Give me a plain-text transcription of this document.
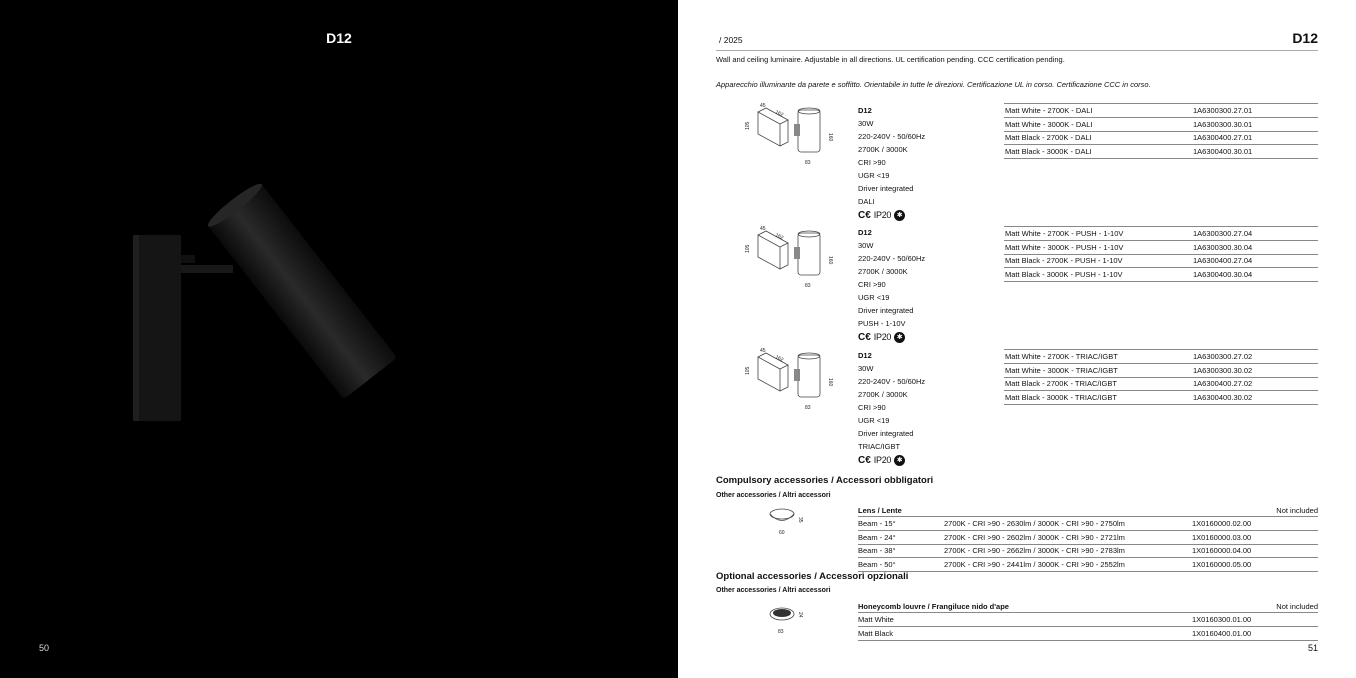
D12
50
/ 2025	D12
Wall and ceiling luminaire. Adjustable in all directions. UL certification pending. CCC certification pending.
Apparecchio illuminante da parete e soffitto. Orientabile in tutte le direzioni. Certificazione UL in corso. Certificazione CCC in corso.
45
162
105
160
83
D12
30W
220-240V - 50/60Hz
2700K / 3000K
CRI >90
UGR <19
Driver integrated
DALI
C€ IP20 ✱
Matt White - 2700K - DALI	1A6300300.27.01
Matt White - 3000K - DALI	1A6300300.30.01
Matt Black - 2700K - DALI	1A6300400.27.01
Matt Black - 3000K - DALI	1A6300400.30.01
45
162
105
160
83
D12
30W
220-240V - 50/60Hz
2700K / 3000K
CRI >90
UGR <19
Driver integrated
PUSH - 1-10V
C€ IP20 ✱
Matt White - 2700K - PUSH - 1-10V	1A6300300.27.04
Matt White - 3000K - PUSH - 1-10V	1A6300300.30.04
Matt Black - 2700K - PUSH - 1-10V	1A6300400.27.04
Matt Black - 3000K - PUSH - 1-10V	1A6300400.30.04
45
162
105
160
83
D12
30W
220-240V - 50/60Hz
2700K / 3000K
CRI >90
UGR <19
Driver integrated
TRIAC/IGBT
C€ IP20 ✱
Matt White - 2700K - TRIAC/IGBT	1A6300300.27.02
Matt White - 3000K - TRIAC/IGBT	1A6300300.30.02
Matt Black - 2700K - TRIAC/IGBT	1A6300400.27.02
Matt Black - 3000K - TRIAC/IGBT	1A6300400.30.02
Compulsory accessories / Accessori obbligatori
Other accessories / Altri accessori
35
60
Lens / Lente	Not included
Beam - 15°	2700K - CRI >90 - 2630lm / 3000K - CRI >90 - 2750lm	1X0160000.02.00
Beam - 24°	2700K - CRI >90 - 2602lm / 3000K - CRI >90 - 2721lm	1X0160000.03.00
Beam - 38°	2700K - CRI >90 - 2662lm / 3000K - CRI >90 - 2783lm	1X0160000.04.00
Beam - 50°	2700K - CRI >90 - 2441lm / 3000K - CRI >90 - 2552lm	1X0160000.05.00
Optional accessories / Accessori opzionali
Other accessories / Altri accessori
24
83
Honeycomb louvre / Frangiluce nido d'ape	Not included
Matt White	1X0160300.01.00
Matt Black	1X0160400.01.00
51
